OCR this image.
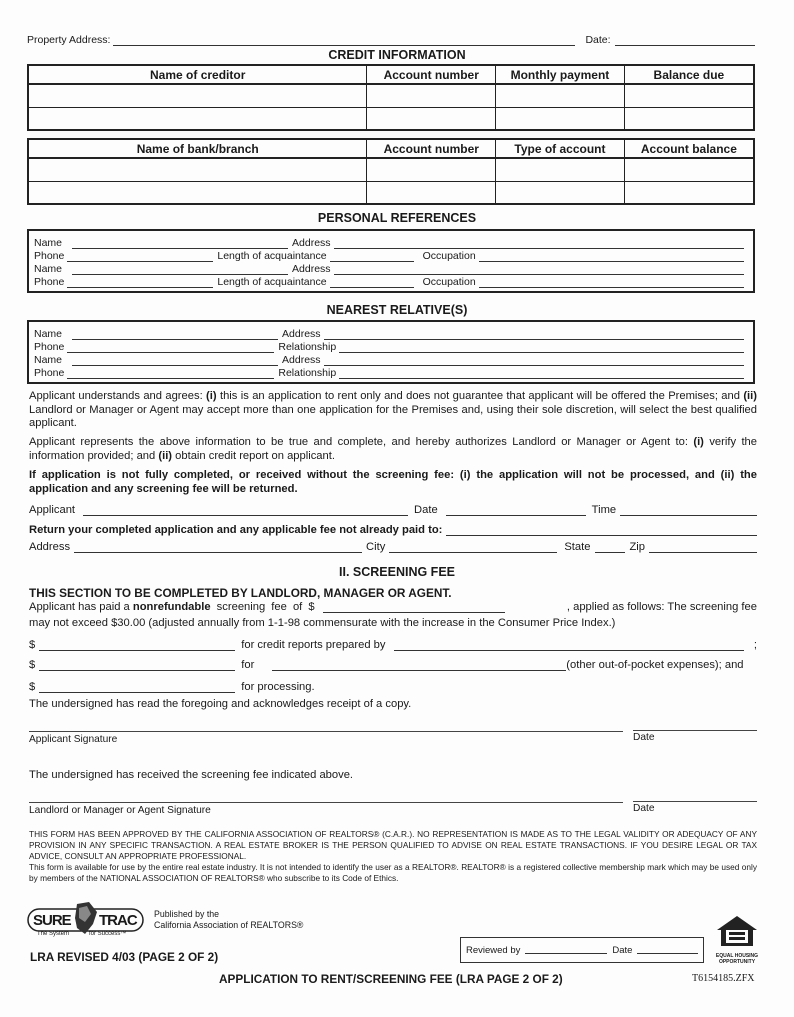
Property Address:	Date:
CREDIT INFORMATION
Name of creditor	Account number	Monthly payment	Balance due

Name of bank/branch	Account number	Type of account	Account balance

PERSONAL REFERENCES
Name	Address
Phone	Length of acquaintance	Occupation
Name	Address
Phone	Length of acquaintance	Occupation
NEAREST RELATIVE(S)
Name	Address
Phone	Relationship
Name	Address
Phone	Relationship

Applicant understands and agrees: (i) this is an application to rent only and does not guarantee that applicant will be offered the Premises; and (ii) Landlord or Manager or Agent may accept more than one application for the Premises and, using their sole discretion, will select the best qualified applicant.

Applicant represents the above information to be true and complete, and hereby authorizes Landlord or Manager or Agent to: (i) verify the information provided; and (ii) obtain credit report on applicant.

If application is not fully completed, or received without the screening fee: (i) the application will not be processed, and (ii) the application and any screening fee will be returned.

Applicant	Date	Time
Return your completed application and any applicable fee not already paid to:
Address	City	State	Zip
II. SCREENING FEE
THIS SECTION TO BE COMPLETED BY LANDLORD, MANAGER OR AGENT.
Applicant has paid a nonrefundable screening fee of $	, applied as follows: The screening fee
may not exceed $30.00 (adjusted annually from 1-1-98 commensurate with the increase in the Consumer Price Index.)
$	for credit reports prepared by	;
$	for	(other out-of-pocket expenses); and
$	for processing.
The undersigned has read the foregoing and acknowledges receipt of a copy.
Applicant Signature	Date
The undersigned has received the screening fee indicated above.
Landlord or Manager or Agent Signature	Date

THIS FORM HAS BEEN APPROVED BY THE CALIFORNIA ASSOCIATION OF REALTORS® (C.A.R.). NO REPRESENTATION IS MADE AS TO THE LEGAL VALIDITY OR ADEQUACY OF ANY PROVISION IN ANY SPECIFIC TRANSACTION. A REAL ESTATE BROKER IS THE PERSON QUALIFIED TO ADVISE ON REAL ESTATE TRANSACTIONS. IF YOU DESIRE LEGAL OR TAX ADVICE, CONSULT AN APPROPRIATE PROFESSIONAL.

This form is available for use by the entire real estate industry. It is not intended to identify the user as a REALTOR®. REALTOR® is a registered collective membership mark which may be used only by members of the NATIONAL ASSOCIATION OF REALTORS® who subscribe to its Code of Ethics.

SURE TRAC
The System	for Success™
Published by the
California Association of REALTORS®
LRA REVISED 4/03 (PAGE 2 OF 2)	Reviewed by	Date
EQUAL HOUSING
OPPORTUNITY
APPLICATION TO RENT/SCREENING FEE (LRA PAGE 2 OF 2)	T6154185.ZFX
